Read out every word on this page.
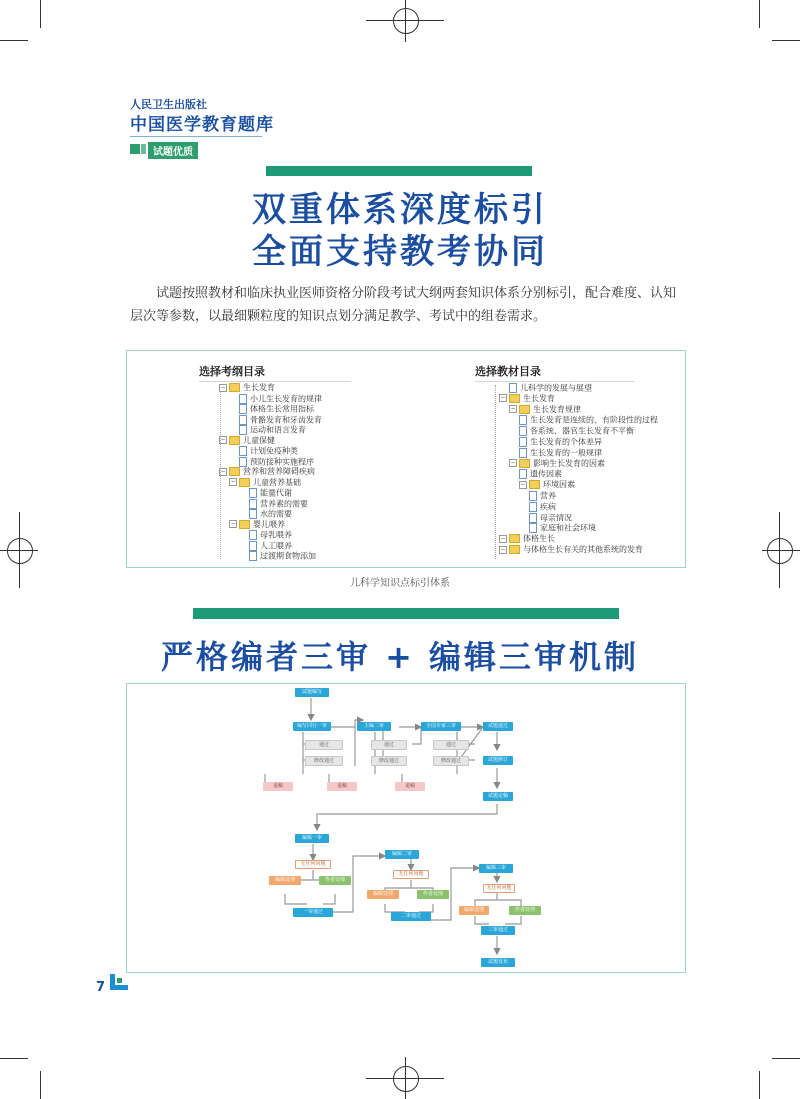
人民卫生出版社
中国医学教育题库
试题优质
双重体系深度标引
全面支持教考协同
试题按照教材和临床执业医师资格分阶段考试大纲两套知识体系分别标引，配合难度、认知层次等参数，以最细颗粒度的知识点划分满足教学、考试中的组卷需求。
选择考纲目录
− 生长发育
小儿生长发育的规律
体格生长常用指标
骨骼发育和牙齿发育
运动和语言发育
− 儿童保健
计划免疫种类
预防接种实施程序
− 营养和营养障碍疾病
− 儿童营养基础
能量代谢
营养素的需要
水的需要
− 婴儿喂养
母乳喂养
人工喂养
过渡期食物添加
选择教材目录
儿科学的发展与展望
− 生长发育
− 生长发育规律
生长发育是连续的、有阶段性的过程
各系统、器官生长发育不平衡
生长发育的个体差异
生长发育的一般规律
− 影响生长发育的因素
遗传因素
− 环境因素
营养
疾病
母亲情况
家庭和社会环境
− 体格生长
− 与体格生长有关的其他系统的发育
儿科学知识点标引体系
严格编者三审 + 编辑三审机制
试题编写
编写同行一审
通过
修改通过
主编二审
通过
修改通过
全国专家三审
通过
修改通过
试题通过
试题修订
试题定稿
退稿	退稿	退稿
编辑一审
无任何问题
编辑处理	作者处理
一审通过
编辑二审
无任何问题
编辑处理	作者处理
二审通过
编辑三审
无任何问题
编辑处理	作者处理
三审通过
试题发布
7
